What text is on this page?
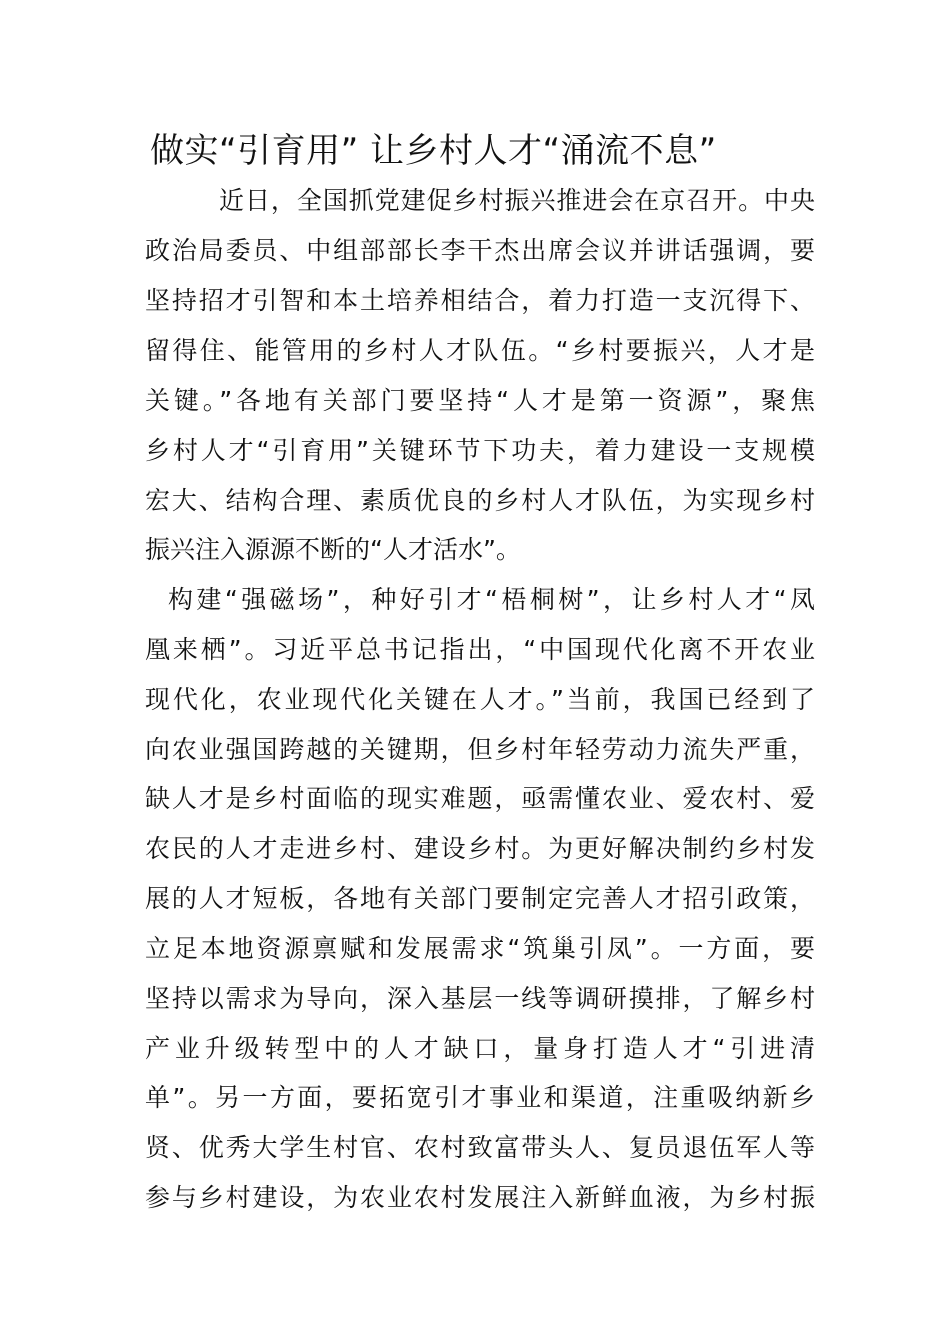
做实“引育用” 让乡村人才“涌流不息”
近日，全国抓党建促乡村振兴推进会在京召开。中央
政治局委员、中组部部长李干杰出席会议并讲话强调，要
坚持招才引智和本土培养相结合，着力打造一支沉得下、
留得住、能管用的乡村人才队伍。“乡村要振兴，人才是
关键。”各地有关部门要坚持“人才是第一资源”，聚焦
乡村人才“引育用”关键环节下功夫，着力建设一支规模
宏大、结构合理、素质优良的乡村人才队伍，为实现乡村
振兴注入源源不断的“人才活水”。
构建“强磁场”，种好引才“梧桐树”，让乡村人才“凤
凰来栖”。习近平总书记指出，“中国现代化离不开农业
现代化，农业现代化关键在人才。”当前，我国已经到了
向农业强国跨越的关键期，但乡村年轻劳动力流失严重，
缺人才是乡村面临的现实难题，亟需懂农业、爱农村、爱
农民的人才走进乡村、建设乡村。为更好解决制约乡村发
展的人才短板，各地有关部门要制定完善人才招引政策，
立足本地资源禀赋和发展需求“筑巢引凤”。一方面，要
坚持以需求为导向，深入基层一线等调研摸排，了解乡村
产业升级转型中的人才缺口，量身打造人才“引进清
单”。另一方面，要拓宽引才事业和渠道，注重吸纳新乡
贤、优秀大学生村官、农村致富带头人、复员退伍军人等
参与乡村建设，为农业农村发展注入新鲜血液，为乡村振
